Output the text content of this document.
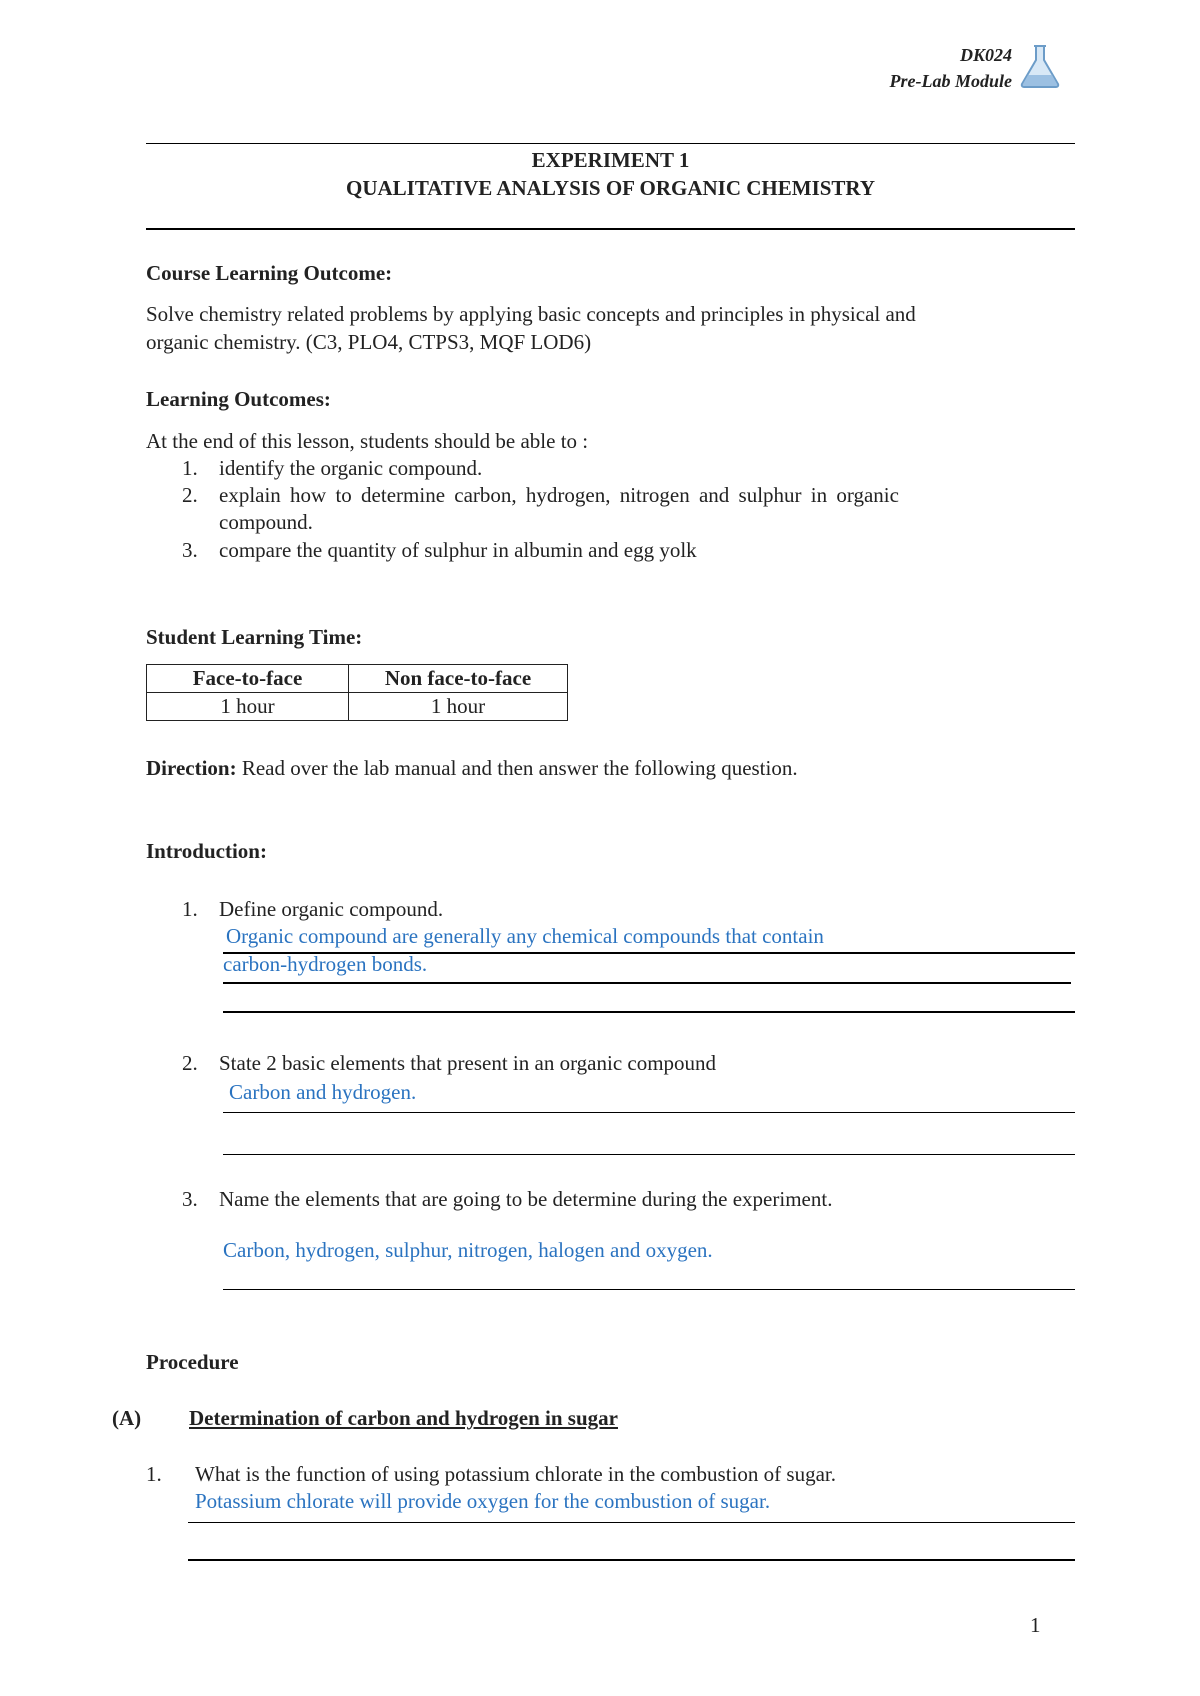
DK024
Pre-Lab Module
EXPERIMENT 1
QUALITATIVE ANALYSIS OF ORGANIC CHEMISTRY
Course Learning Outcome:
Solve chemistry related problems by applying basic concepts and principles in physical and
organic chemistry. (C3, PLO4, CTPS3, MQF LOD6)
Learning Outcomes:
At the end of this lesson, students should be able to :
1. identify the organic compound.
2. explain how to determine carbon, hydrogen, nitrogen and sulphur in organic
compound.
3. compare the quantity of sulphur in albumin and egg yolk
Student Learning Time:
Face-to-face	Non face-to-face
1 hour	1 hour
Direction: Read over the lab manual and then answer the following question.
Introduction:
1. Define organic compound.
Organic compound are generally any chemical compounds that contain
carbon-hydrogen bonds.
2. State 2 basic elements that present in an organic compound
Carbon and hydrogen.
3. Name the elements that are going to be determine during the experiment.
Carbon, hydrogen, sulphur, nitrogen, halogen and oxygen.
Procedure
(A) Determination of carbon and hydrogen in sugar
1. What is the function of using potassium chlorate in the combustion of sugar.
Potassium chlorate will provide oxygen for the combustion of sugar.
1
